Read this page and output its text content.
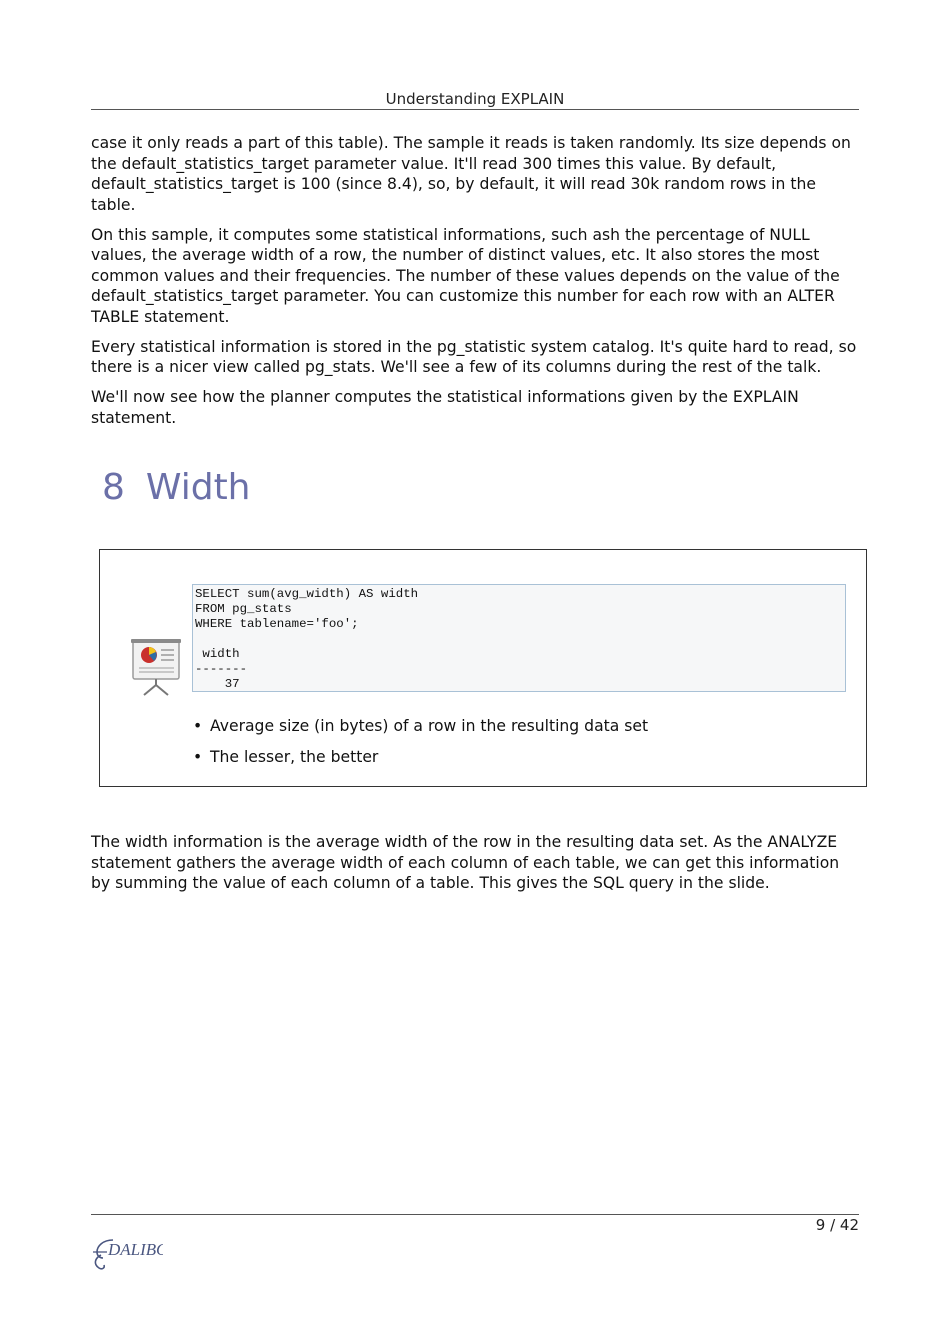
Understanding EXPLAIN

case it only reads a part of this table). The sample it reads is taken randomly. Its size depends on the default_statistics_target parameter value. It'll read 300 times this value. By default, default_statistics_target is 100 (since 8.4), so, by default, it will read 30k random rows in the table.

On this sample, it computes some statistical informations, such ash the percentage of NULL values, the average width of a row, the number of distinct values, etc. It also stores the most common values and their frequencies. The number of these values depends on the value of the default_statistics_target parameter. You can customize this number for each row with an ALTER TABLE statement.

Every statistical information is stored in the pg_statistic system catalog. It's quite hard to read, so there is a nicer view called pg_stats. We'll see a few of its columns during the rest of the talk.

We'll now see how the planner computes the statistical informations given by the EXPLAIN statement.

8 Width
SELECT sum(avg_width) AS width
FROM pg_stats
WHERE tablename='foo';

width
-------
37
• Average size (in bytes) of a row in the resulting data set
• The lesser, the better
The width information is the average width of the row in the resulting data set. As the ANALYZE statement gathers the average width of each column of each table, we can get this information by summing the value of each column of a table. This gives the SQL query in the slide.
9 / 42
DALIBO
